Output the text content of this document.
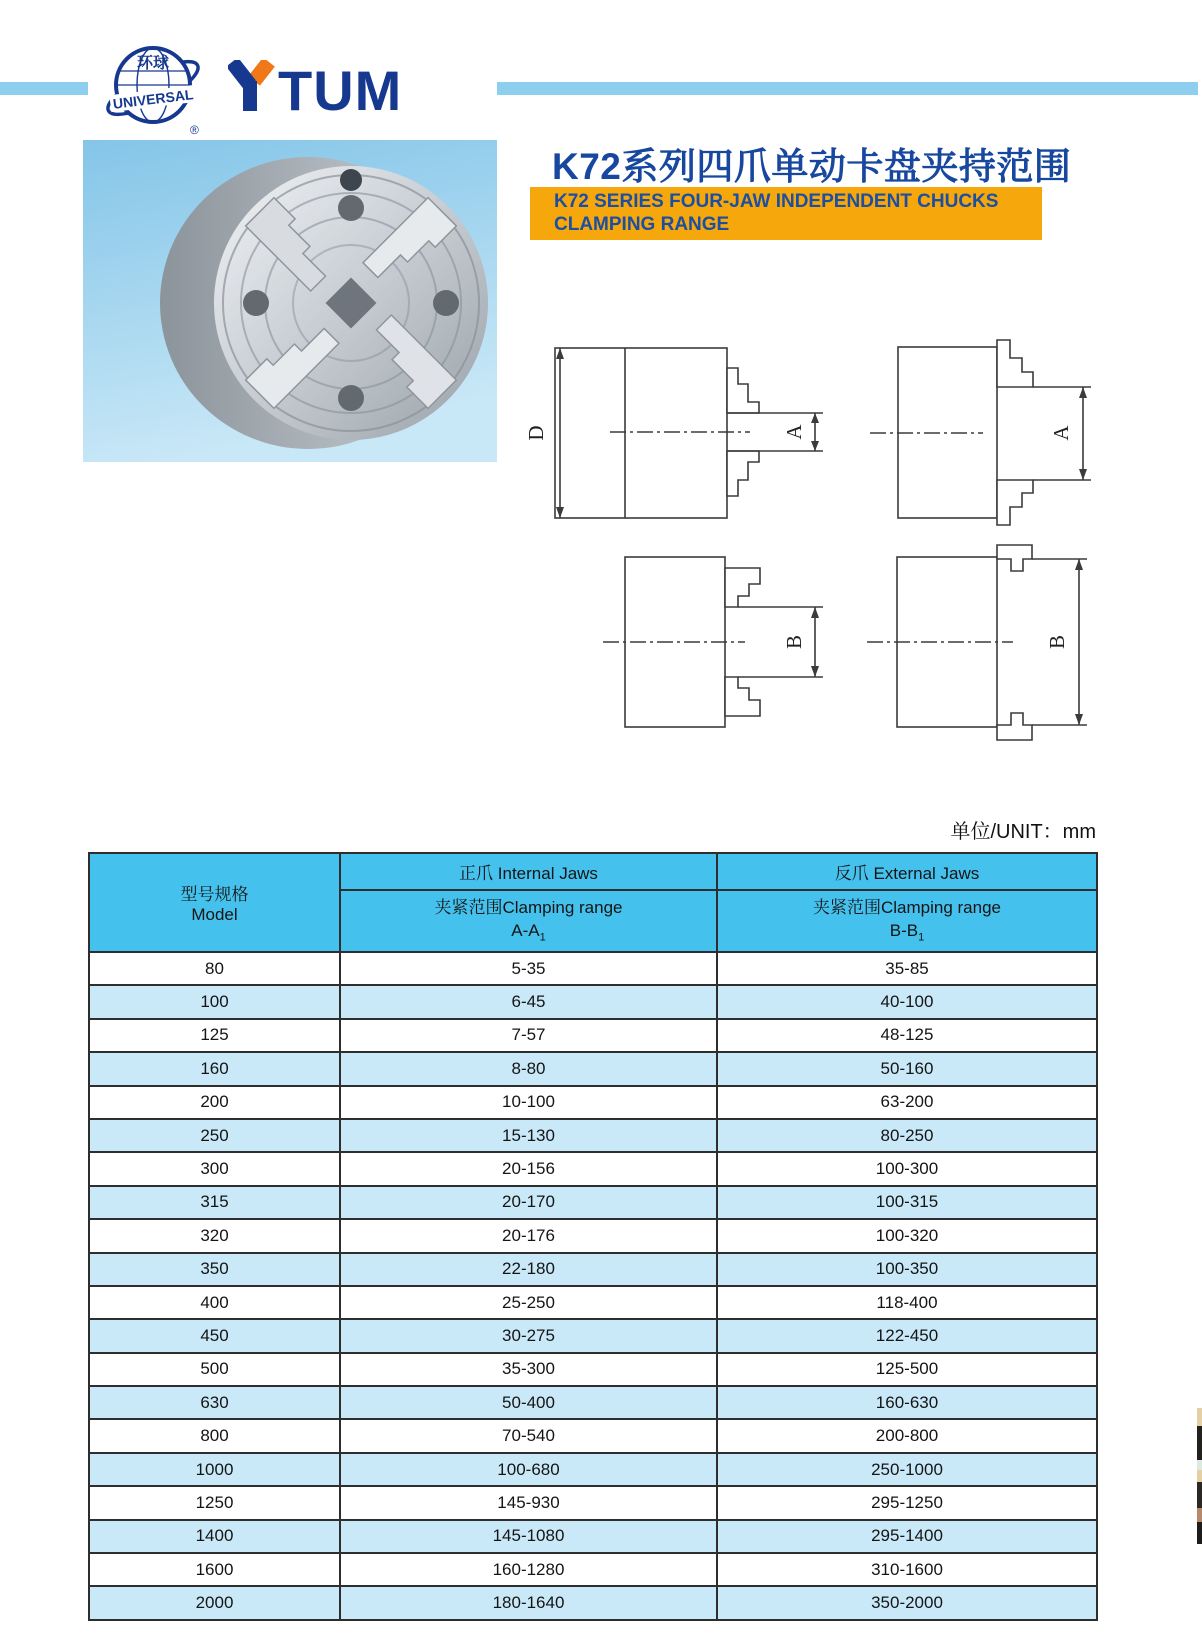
环球
UNIVERSAL
®
TUM
K72系列四爪单动卡盘夹持范围
K72 SERIES FOUR-JAW INDEPENDENT CHUCKS
CLAMPING RANGE
D	A	A
B	B
单位/UNIT：mm
型号规格
Model	正爪 Internal Jaws	反爪 External Jaws

夹紧范围Clamping range
$A-A_1$

夹紧范围Clamping range
$B-B_1$

80	5-35	35-85
100	6-45	40-100
125	7-57	48-125
160	8-80	50-160
200	10-100	63-200
250	15-130	80-250
300	20-156	100-300
315	20-170	100-315
320	20-176	100-320
350	22-180	100-350
400	25-250	118-400
450	30-275	122-450
500	35-300	125-500
630	50-400	160-630
800	70-540	200-800
1000	100-680	250-1000
1250	145-930	295-1250
1400	145-1080	295-1400
1600	160-1280	310-1600
2000	180-1640	350-2000
